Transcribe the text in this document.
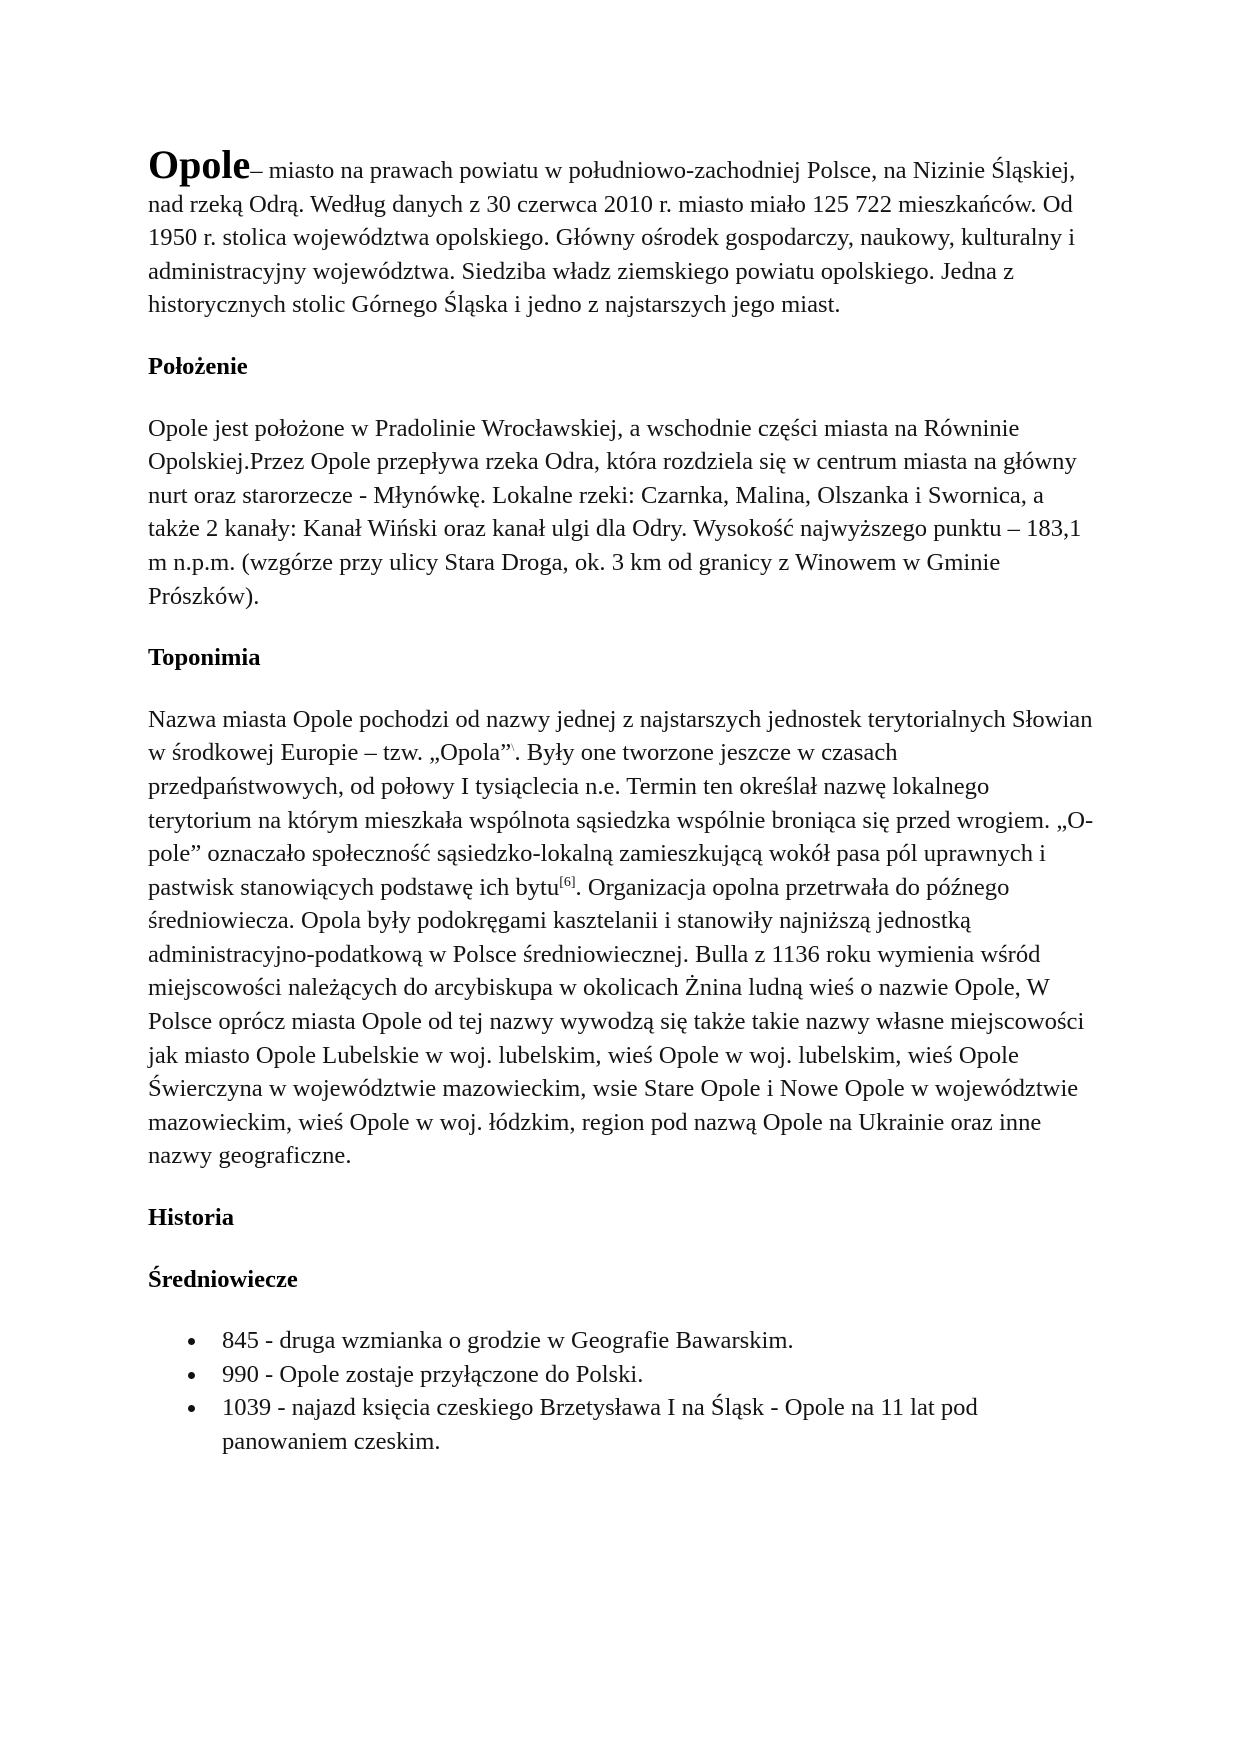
Opole– miasto na prawach powiatu w południowo-zachodniej Polsce, na Nizinie Śląskiej, nad rzeką Odrą. Według danych z 30 czerwca 2010 r. miasto miało 125 722 mieszkańców. Od 1950 r. stolica województwa opolskiego. Główny ośrodek gospodarczy, naukowy, kulturalny i administracyjny województwa. Siedziba władz ziemskiego powiatu opolskiego. Jedna z historycznych stolic Górnego Śląska i jedno z najstarszych jego miast.

Położenie

Opole jest położone w Pradolinie Wrocławskiej, a wschodnie części miasta na Równinie Opolskiej.Przez Opole przepływa rzeka Odra, która rozdziela się w centrum miasta na główny nurt oraz starorzecze - Młynówkę. Lokalne rzeki: Czarnka, Malina, Olszanka i Swornica, a także 2 kanały: Kanał Wiński oraz kanał ulgi dla Odry. Wysokość najwyższego punktu – 183,1 m n.p.m. (wzgórze przy ulicy Stara Droga, ok. 3 km od granicy z Winowem w Gminie Prószków).

Toponimia

Nazwa miasta Opole pochodzi od nazwy jednej z najstarszych jednostek terytorialnych Słowian w środkowej Europie – tzw. „Opola”\. Były one tworzone jeszcze w czasach przedpaństwowych, od połowy I tysiąclecia n.e. Termin ten określał nazwę lokalnego terytorium na którym mieszkała wspólnota sąsiedzka wspólnie broniąca się przed wrogiem. „O-pole” oznaczało społeczność sąsiedzko-lokalną zamieszkującą wokół pasa pól uprawnych i pastwisk stanowiących podstawę ich bytu[6]. Organizacja opolna przetrwała do późnego średniowiecza. Opola były podokręgami kasztelanii i stanowiły najniższą jednostką administracyjno-podatkową w Polsce średniowiecznej. Bulla z 1136 roku wymienia wśród miejscowości należących do arcybiskupa w okolicach Żnina ludną wieś o nazwie Opole, W Polsce oprócz miasta Opole od tej nazwy wywodzą się także takie nazwy własne miejscowości jak miasto Opole Lubelskie w woj. lubelskim, wieś Opole w woj. lubelskim, wieś Opole Świerczyna w województwie mazowieckim, wsie Stare Opole i Nowe Opole w województwie mazowieckim, wieś Opole w woj. łódzkim, region pod nazwą Opole na Ukrainie oraz inne nazwy geograficzne.

Historia
Średniowiecze
845 - druga wzmianka o grodzie w Geografie Bawarskim.
990 - Opole zostaje przyłączone do Polski.
1039 - najazd księcia czeskiego Brzetysława I na Śląsk - Opole na 11 lat pod panowaniem czeskim.
